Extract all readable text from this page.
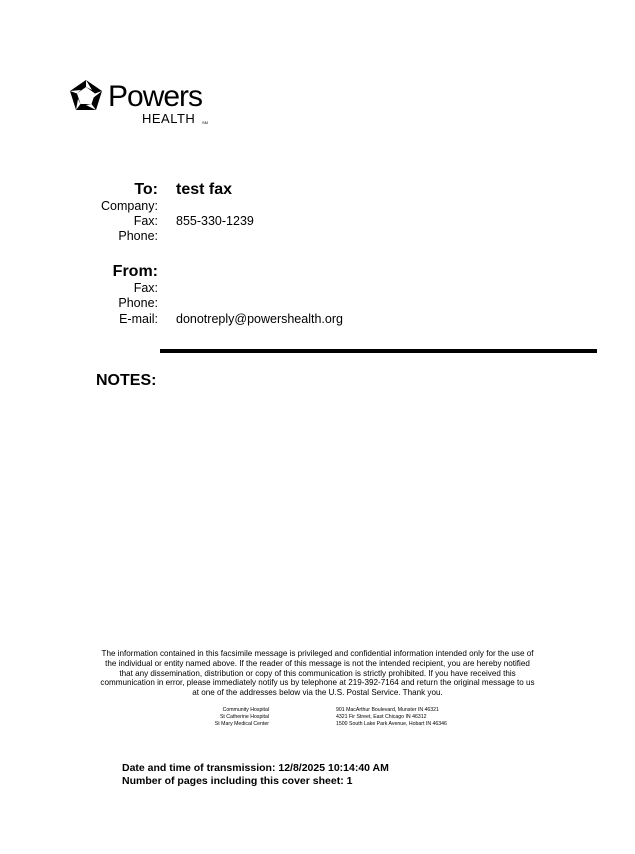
Powers
HEALTH SM
To: test fax
Company:
Fax: 855-330-1239
Phone:
From:
Fax:
Phone:
E-mail: donotreply@powershealth.org
NOTES:
The information contained in this facsimile message is privileged and confidential information intended only for the use of
the individual or entity named above. If the reader of this message is not the intended recipient, you are hereby notified
that any dissemination, distribution or copy of this communication is strictly prohibited. If you have received this
communication in error, please immediately notify us by telephone at 219-392-7164 and return the original message to us
at one of the addresses below via the U.S. Postal Service. Thank you.
Community Hospital
St Catherine Hospital
St Mary Medical Center
901 MacArthur Boulevard, Munster IN 46321
4321 Fir Street, East Chicago IN 46312
1500 South Lake Park Avenue, Hobart IN 46346
Date and time of transmission: 12/8/2025 10:14:40 AM
Number of pages including this cover sheet: 1
